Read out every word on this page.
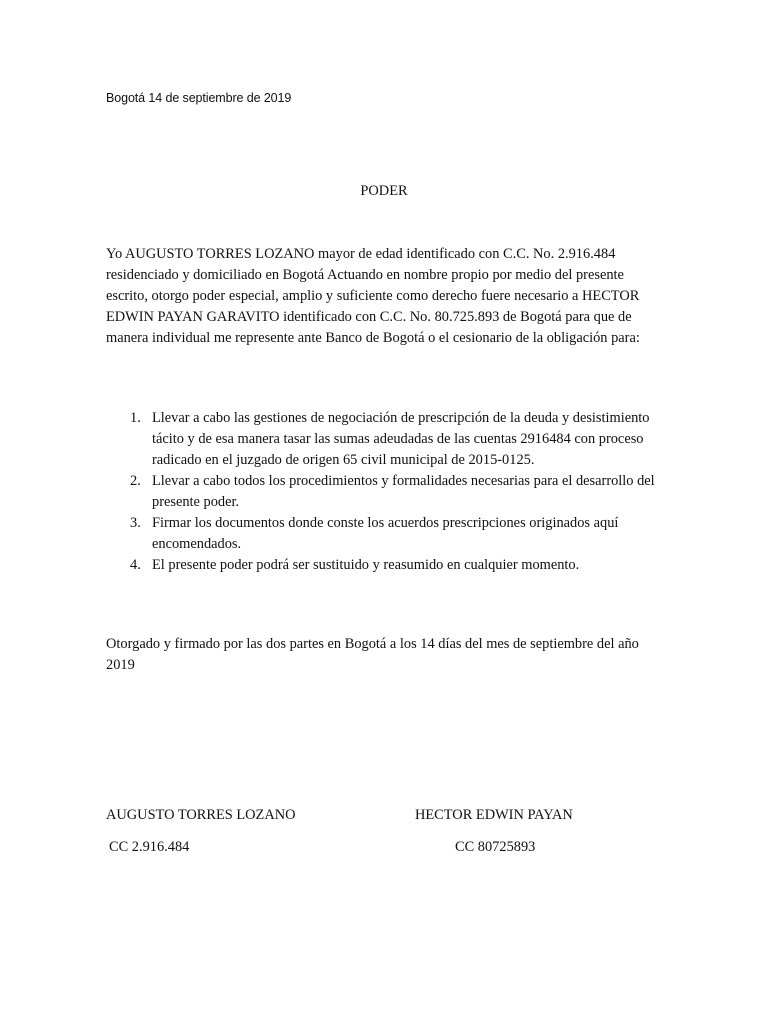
Bogotá 14 de septiembre de 2019
PODER

Yo AUGUSTO TORRES LOZANO mayor de edad identificado con C.C. No. 2.916.484 residenciado y domiciliado en Bogotá Actuando en nombre propio por medio del presente escrito, otorgo poder especial, amplio y suficiente como derecho fuere necesario a HECTOR EDWIN PAYAN GARAVITO identificado con C.C. No. 80.725.893 de Bogotá para que de manera individual me represente ante Banco de Bogotá o el cesionario de la obligación para:

1. Llevar a cabo las gestiones de negociación de prescripción de la deuda y desistimiento tácito y de esa manera tasar las sumas adeudadas de las cuentas 2916484 con proceso radicado en el juzgado de origen 65 civil municipal de 2015-0125.
2. Llevar a cabo todos los procedimientos y formalidades necesarias para el desarrollo del presente poder.
3. Firmar los documentos donde conste los acuerdos prescripciones originados aquí encomendados.
4. El presente poder podrá ser sustituido y reasumido en cualquier momento.

Otorgado y firmado por las dos partes en Bogotá a los 14 días del mes de septiembre del año 2019

AUGUSTO TORRES LOZANO
CC 2.916.484
HECTOR EDWIN PAYAN
CC 80725893
